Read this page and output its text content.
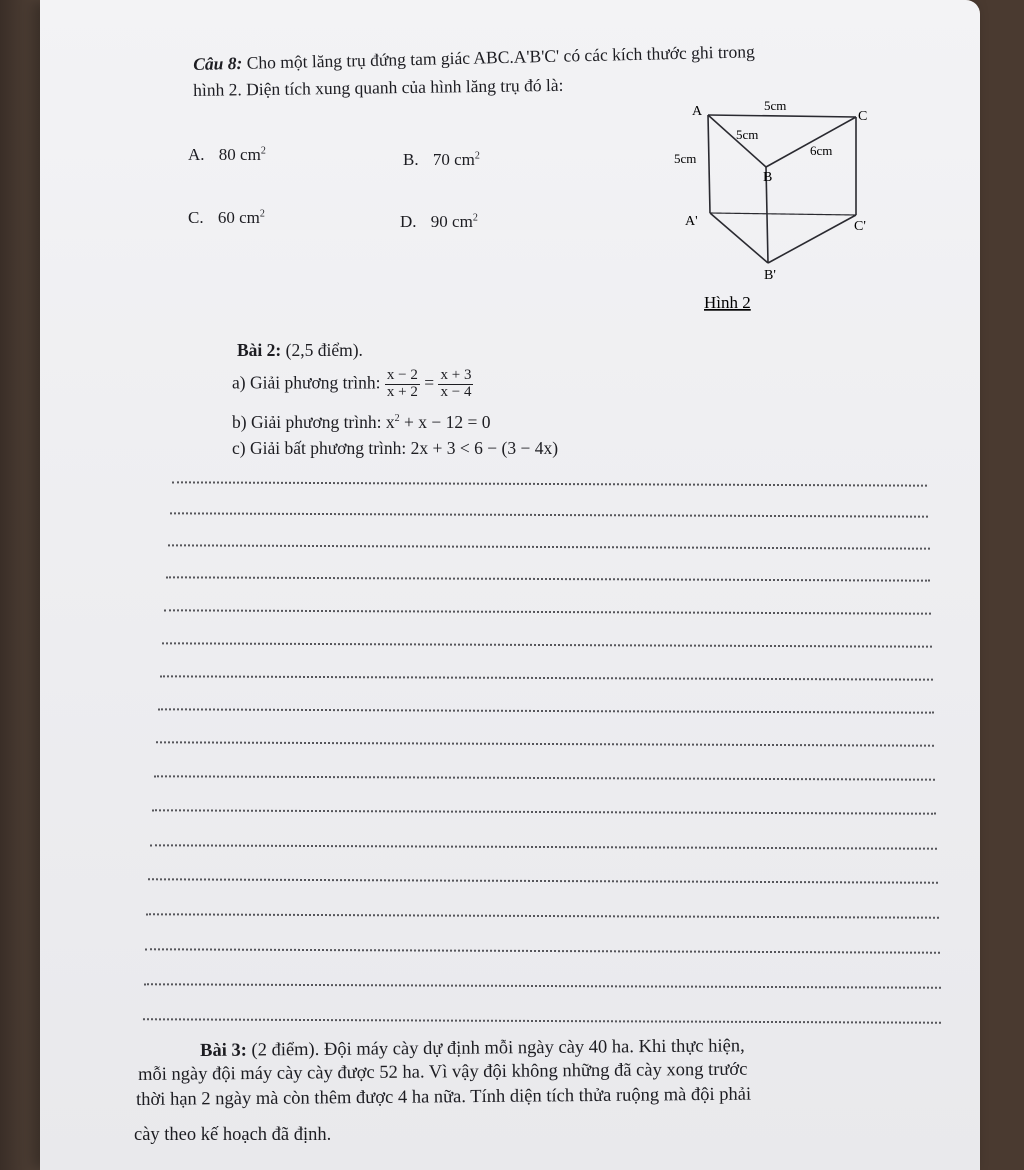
Câu 8: Cho một lăng trụ đứng tam giác ABC.A'B'C' có các kích thước ghi trong
hình 2. Diện tích xung quanh của hình lăng trụ đó là:
A. 80 $cm^2$	B. 70 $cm^2$
C. 60 $cm^2$	D. 90 $cm^2$
A	C
B
A'	C'
B'
5cm
5cm
6cm
5cm
Hình 2
Bài 2: (2,5 điểm).
a) Giải phương trình: $\frac{x - 2}{x + 2} = \frac{x + 3}{x - 4}$
b) Giải phương trình: $x^2 + x - 12 = 0$
c) Giải bất phương trình: 2x + 3 < 6 − (3 − 4x)
Bài 3: (2 điểm). Đội máy cày dự định mỗi ngày cày 40 ha. Khi thực hiện,
mỗi ngày đội máy cày cày được 52 ha. Vì vậy đội không những đã cày xong trước
thời hạn 2 ngày mà còn thêm được 4 ha nữa. Tính diện tích thửa ruộng mà đội phải
cày theo kế hoạch đã định.
